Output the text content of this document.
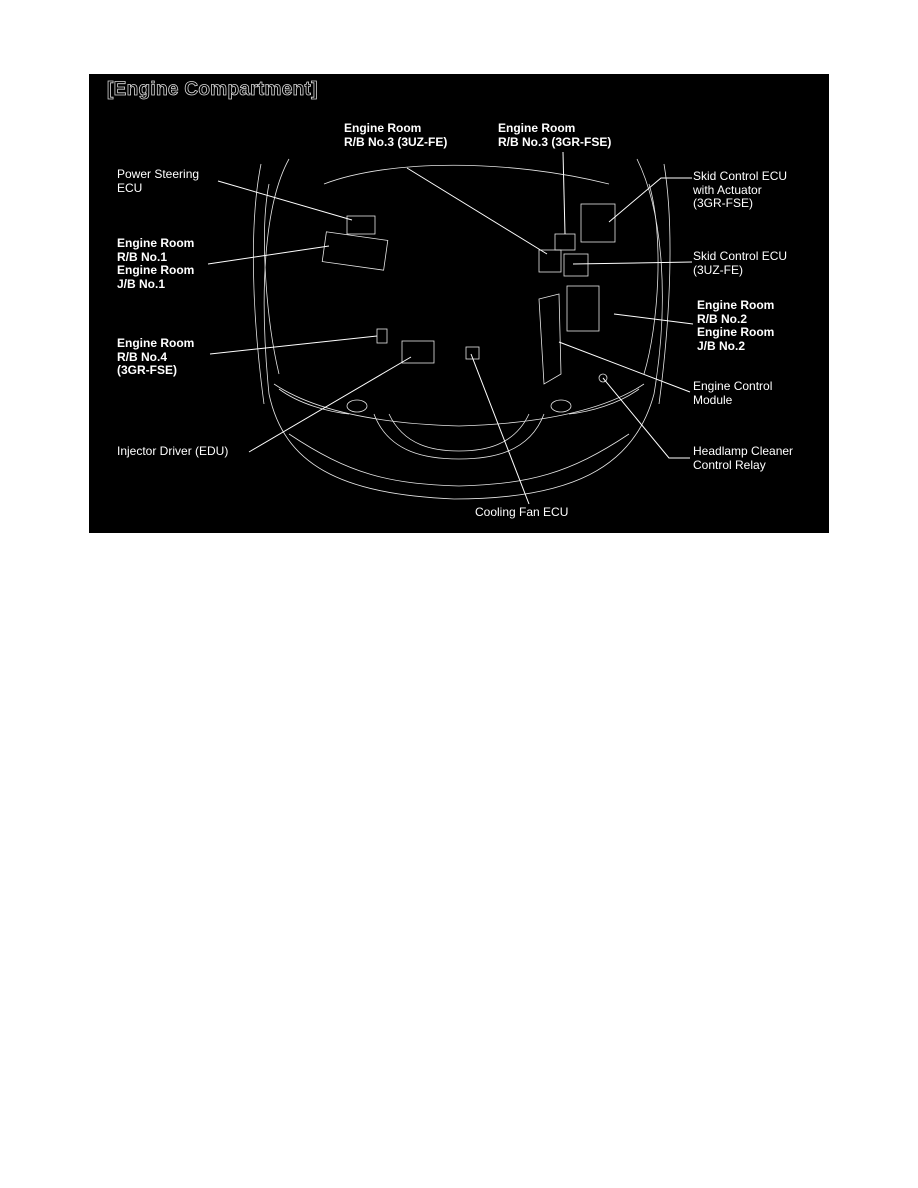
[Engine Compartment]
Engine Room
R/B No.3 (3UZ-FE)
Engine Room
R/B No.3 (3GR-FSE)
Power Steering
ECU
Engine Room
R/B No.1
Engine Room
J/B No.1
Engine Room
R/B No.4
(3GR-FSE)
Injector Driver (EDU)
Cooling Fan ECU
Skid Control ECU
with Actuator
(3GR-FSE)
Skid Control ECU
(3UZ-FE)
Engine Room
R/B No.2
Engine Room
J/B No.2
Engine Control
Module
Headlamp Cleaner
Control Relay
